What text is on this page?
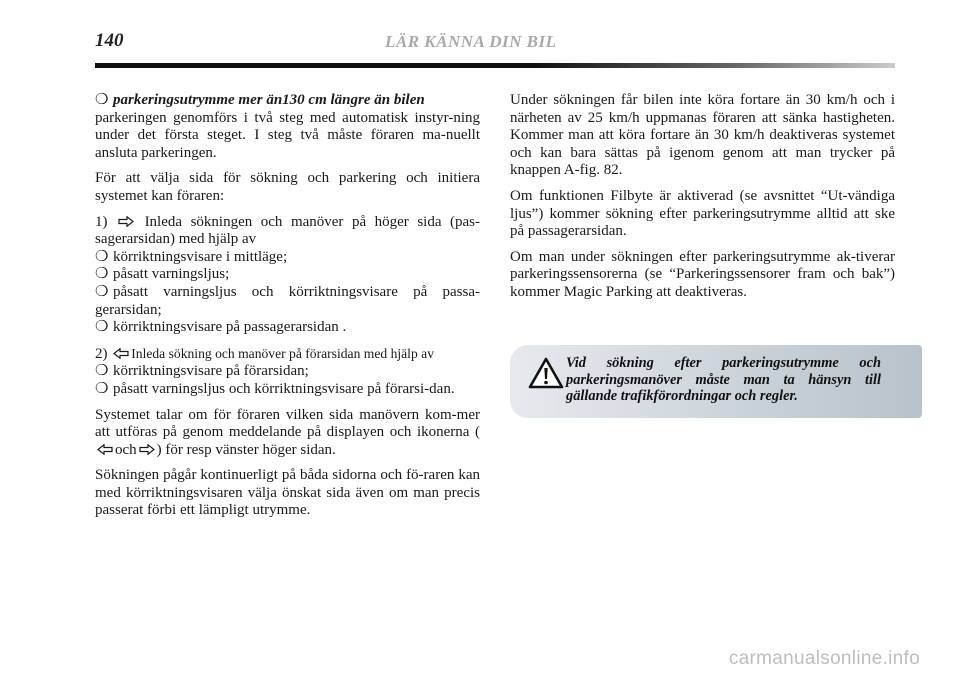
140	LÄR KÄNNA DIN BIL

❍ parkeringsutrymme mer än130 cm längre än bilen

parkeringen genomförs i två steg med automatisk instyr-ning under det första steget. I steg två måste föraren ma-nuellt ansluta parkeringen.

För att välja sida för sökning och parkering och initiera systemet kan föraren:

1) Inleda sökningen och manöver på höger sida (pas-sagerarsidan) med hjälp av

❍ körriktningsvisare i mittläge;

❍ påsatt varningsljus;

❍ påsatt varningsljus och körriktningsvisare på passa-gerarsidan;

❍ körriktningsvisare på passagerarsidan .

2) Inleda sökning och manöver på förarsidan med hjälp av

❍ körriktningsvisare på förarsidan;

❍ påsatt varningsljus och körriktningsvisare på förarsi-dan.

Systemet talar om för föraren vilken sida manövern kom-mer att utföras på genom meddelande på displayen och ikonerna (och ) för resp vänster höger sidan.

Sökningen pågår kontinuerligt på båda sidorna och fö-raren kan med körriktningsvisaren välja önskat sida även om man precis passerat förbi ett lämpligt utrymme.

Under sökningen får bilen inte köra fortare än 30 km/h och i närheten av 25 km/h uppmanas föraren att sänka hastigheten. Kommer man att köra fortare än 30 km/h deaktiveras systemet och kan bara sättas på igenom genom att man trycker på knappen A-fig. 82.

Om funktionen Filbyte är aktiverad (se avsnittet “Ut-vändiga ljus”) kommer sökning efter parkeringsutrymme alltid att ske på passagerarsidan.

Om man under sökningen efter parkeringsutrymme ak-tiverar parkeringssensorerna (se “Parkeringssensorer fram och bak”) kommer Magic Parking att deaktiveras.

Vid sökning efter parkeringsutrymme och parkeringsmanöver måste man ta hänsyn till gällande trafikförordningar och regler.
carmanualsonline.info
